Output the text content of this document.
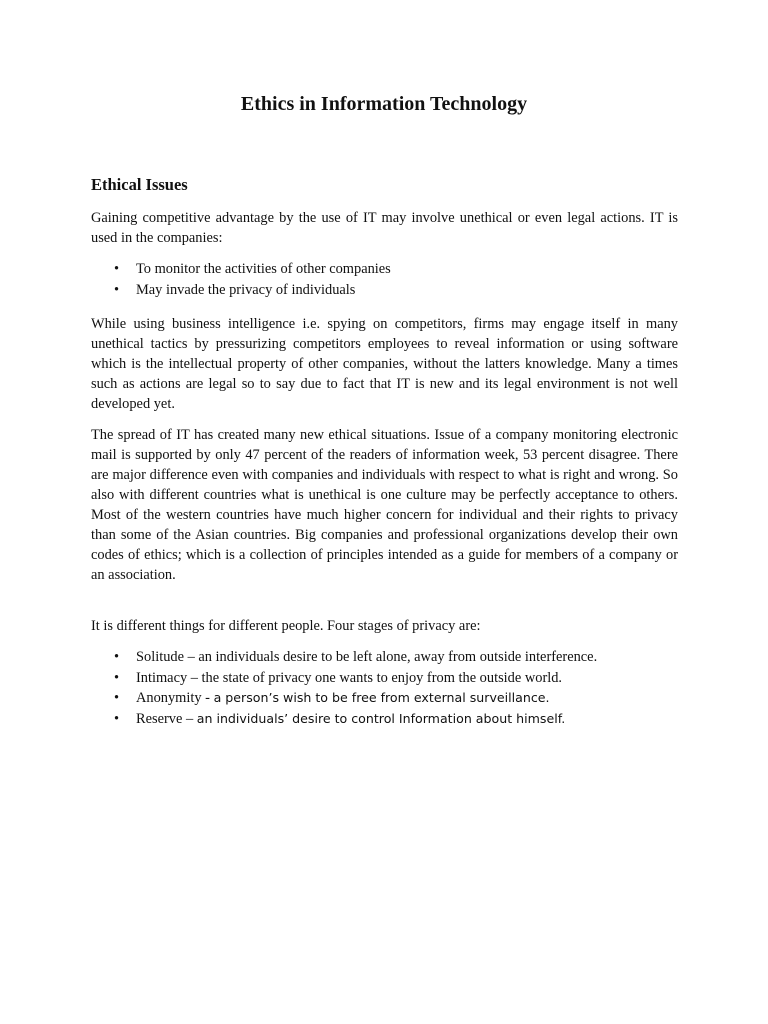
Ethics in Information Technology
Ethical Issues

Gaining competitive advantage by the use of IT may involve unethical or even legal actions. IT is used in the companies:

• To monitor the activities of other companies
• May invade the privacy of individuals

While using business intelligence i.e. spying on competitors, firms may engage itself in many unethical tactics by pressurizing competitors employees to reveal information or using software which is the intellectual property of other companies, without the latters knowledge. Many a times such as actions are legal so to say due to fact that IT is new and its legal environment is not well developed yet.

The spread of IT has created many new ethical situations. Issue of a company monitoring electronic mail is supported by only 47 percent of the readers of information week, 53 percent disagree. There are major difference even with companies and individuals with respect to what is right and wrong. So also with different countries what is unethical is one culture may be perfectly acceptance to others. Most of the western countries have much higher concern for individual and their rights to privacy than some of the Asian countries. Big companies and professional organizations develop their own codes of ethics; which is a collection of principles intended as a guide for members of a company or an association.

It is different things for different people. Four stages of privacy are:

• Solitude – an individuals desire to be left alone, away from outside interference.
• Intimacy – the state of privacy one wants to enjoy from the outside world.
• Anonymity - a person’s wish to be free from external surveillance.
• Reserve – an individuals’ desire to control Information about himself.
